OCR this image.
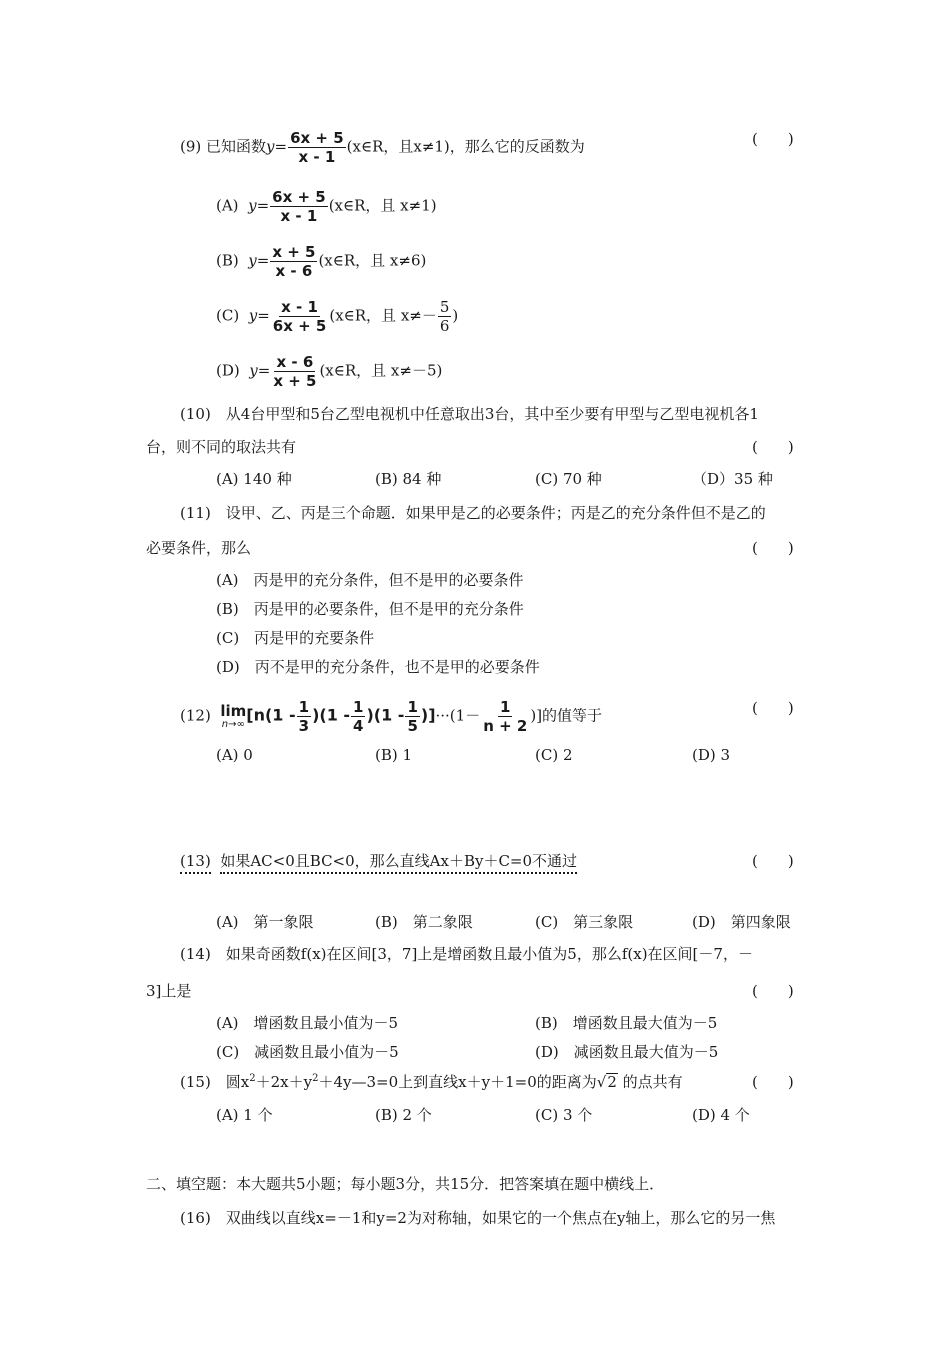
(9) 已知函数$y= \frac{6x + 5}{x - 1}$ (x∈R，且x≠1)，那么它的反函数为	(　　)
(A) $y= \frac{6x + 5}{x - 1}$ (x∈R，且 x≠1)
(B) $y= \frac{x + 5}{x - 6}$ (x∈R，且 x≠6)
(C) $y= \frac{x - 1}{6x + 5}$ (x∈R，且 $x\ne- \frac{5}{6}$ )
(D) $y= \frac{x - 6}{x + 5}$ (x∈R，且 x≠－5)
(10)　从4台甲型和5台乙型电视机中任意取出3台，其中至少要有甲型与乙型电视机各1
台，则不同的取法共有	(　　)
(A) 140 种	(B) 84 种	(C) 70 种	（D）35 种
(11)　设甲、乙、丙是三个命题．如果甲是乙的必要条件；丙是乙的充分条件但不是乙的
必要条件，那么	(　　)
(A)　丙是甲的充分条件，但不是甲的必要条件
(B)　丙是甲的必要条件，但不是甲的充分条件
(C)　丙是甲的充要条件
(D)　丙不是甲的充分条件，也不是甲的必要条件
(12) lim
n→∞ $[n(1 - \frac{1}{3} )(1 - \frac{1}{4} )(1 - \frac{1}{5} )]\cdot\cdot\cdot(1- \frac{1}{n + 2}$ )]的值等于	(　　)
(A) 0	(B) 1	(C) 2	(D) 3
(13) 如果AC<0且BC<0，那么直线Ax＋By＋C=0不通过	(　　)
(A)　第一象限	(B)　第二象限	(C)　第三象限	(D)　第四象限
(14)　如果奇函数f(x)在区间[3，7]上是增函数且最小值为5，那么f(x)在区间[－7，－
3]上是	(　　)
(A)　增函数且最小值为－5	(B)　增函数且最大值为－5
(C)　减函数且最小值为－5	(D)　减函数且最大值为－5
(15)　圆$x^2+2x+y^2+4y—3=0$上到直线x＋y＋1=0的距离为√2 的点共有	(　　)
(A) 1 个	(B) 2 个	(C) 3 个	(D) 4 个
二、填空题：本大题共5小题；每小题3分，共15分．把答案填在题中横线上．
(16)　双曲线以直线x=－1和y=2为对称轴，如果它的一个焦点在y轴上，那么它的另一焦
